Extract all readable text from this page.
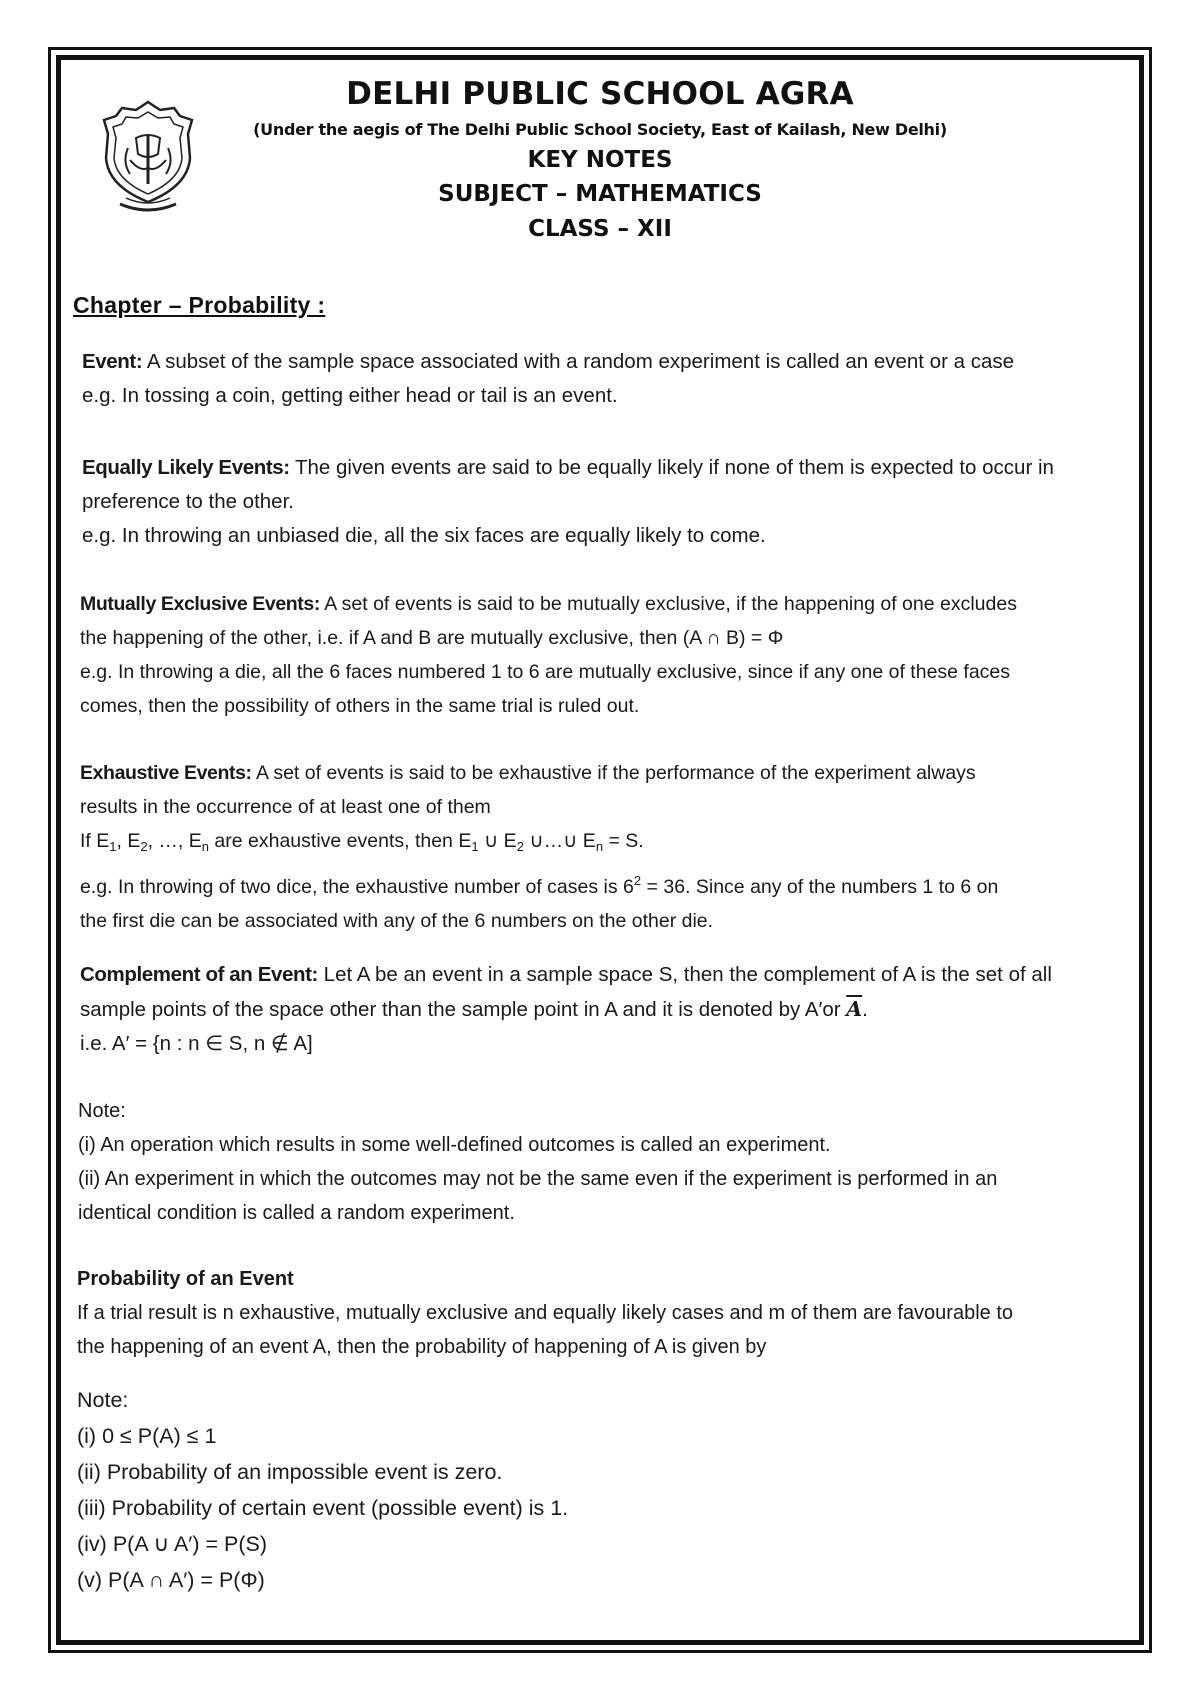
DELHI PUBLIC SCHOOL AGRA
(Under the aegis of The Delhi Public School Society, East of Kailash, New Delhi)
KEY NOTES
SUBJECT – MATHEMATICS
CLASS – XII
Chapter – Probability :
Event: A subset of the sample space associated with a random experiment is called an event or a case
e.g. In tossing a coin, getting either head or tail is an event.
Equally Likely Events: The given events are said to be equally likely if none of them is expected to occur in
preference to the other.
e.g. In throwing an unbiased die, all the six faces are equally likely to come.
Mutually Exclusive Events: A set of events is said to be mutually exclusive, if the happening of one excludes
the happening of the other, i.e. if A and B are mutually exclusive, then (A ∩ B) = Φ
e.g. In throwing a die, all the 6 faces numbered 1 to 6 are mutually exclusive, since if any one of these faces
comes, then the possibility of others in the same trial is ruled out.
Exhaustive Events: A set of events is said to be exhaustive if the performance of the experiment always
results in the occurrence of at least one of them
If $E_1$, $E_2$, …, $E_n$ are exhaustive events, then $E_1$ ∪ $E_2$ ∪…∪ $E_n = S$.
e.g. In throwing of two dice, the exhaustive number of cases is $6^2 = 36$. Since any of the numbers 1 to 6 on
the first die can be associated with any of the 6 numbers on the other die.
Complement of an Event: Let A be an event in a sample space S, then the complement of A is the set of all
sample points of the space other than the sample point in A and it is denoted by A′or $\overline{A}$.
i.e. A′ = {n : n ∈ S, n ∉ A]
Note:
(i) An operation which results in some well-defined outcomes is called an experiment.
(ii) An experiment in which the outcomes may not be the same even if the experiment is performed in an
identical condition is called a random experiment.
Probability of an Event
If a trial result is n exhaustive, mutually exclusive and equally likely cases and m of them are favourable to
the happening of an event A, then the probability of happening of A is given by
Note:
(i) 0 ≤ P(A) ≤ 1
(ii) Probability of an impossible event is zero.
(iii) Probability of certain event (possible event) is 1.
(iv) P(A ∪ A′) = P(S)
(v) P(A ∩ A′) = P(Φ)
